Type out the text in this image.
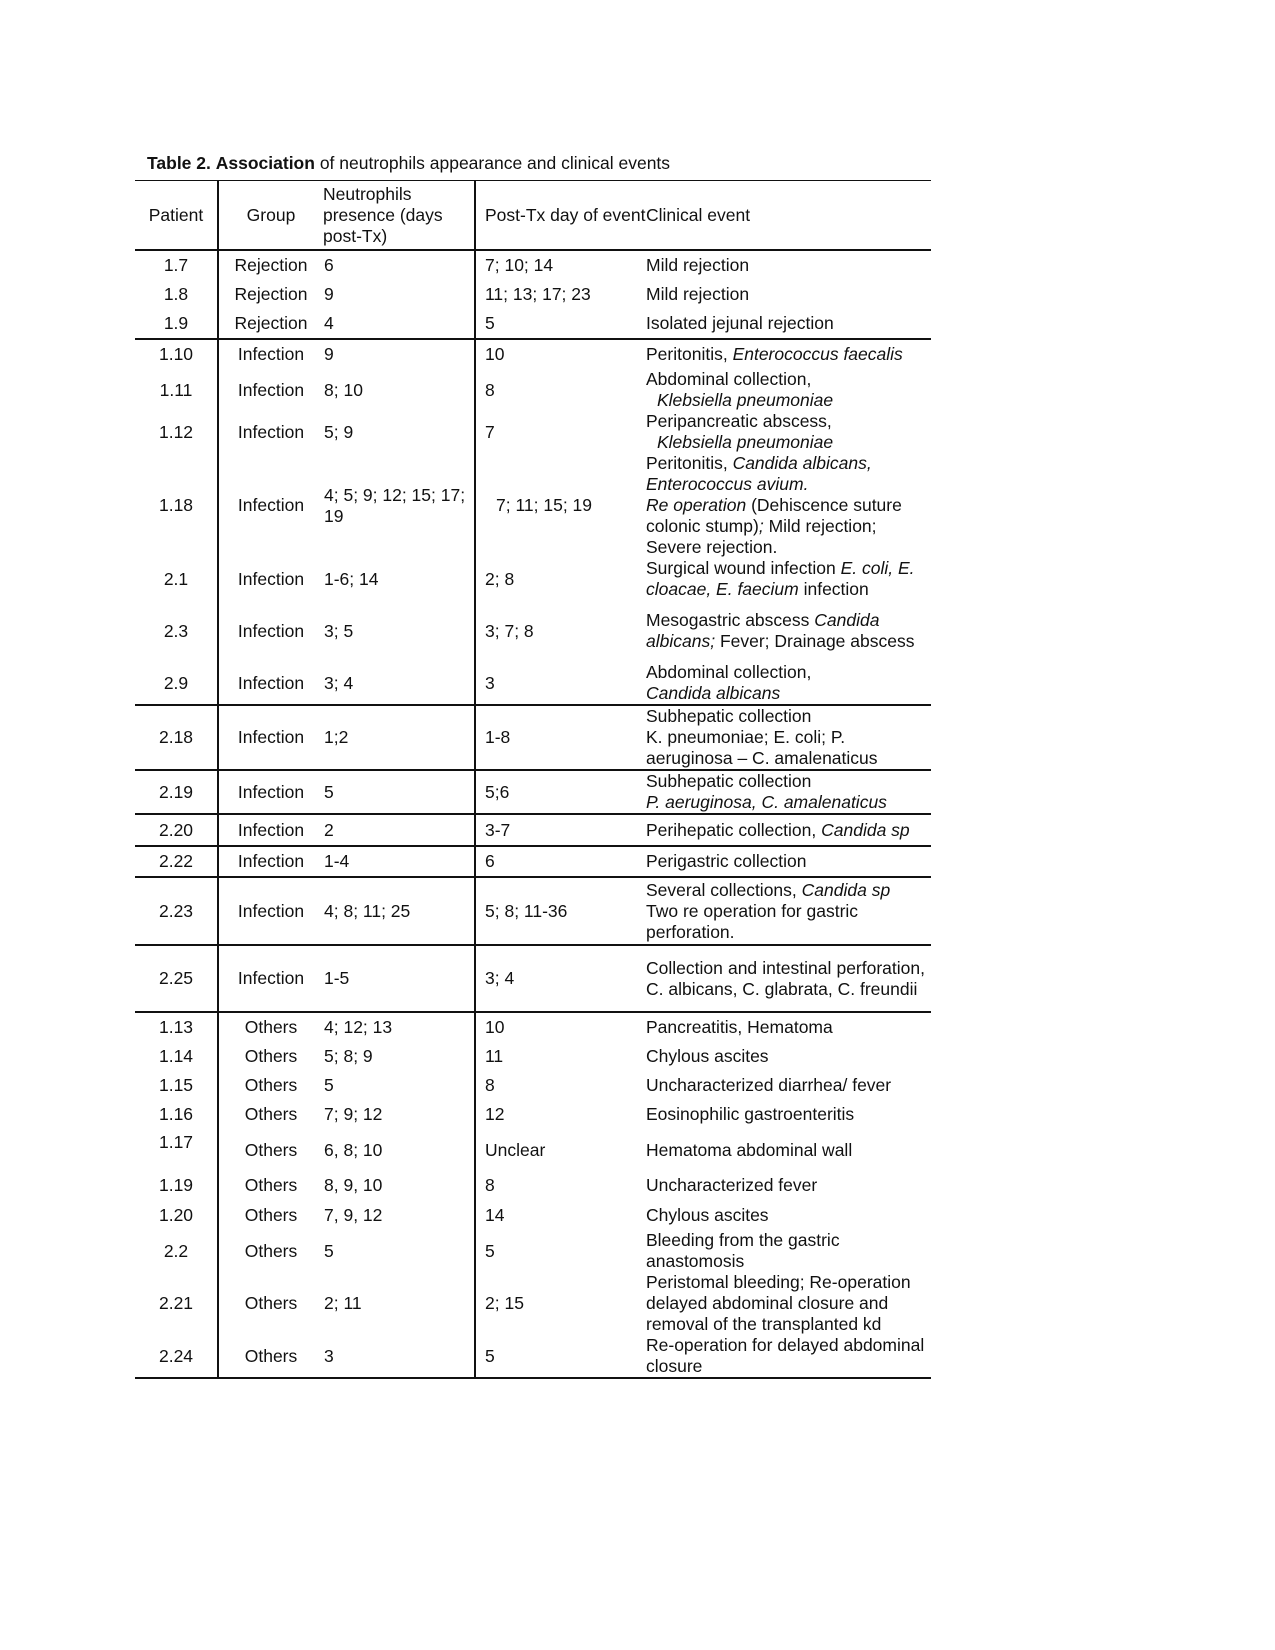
Table 2. Association of neutrophils appearance and clinical events
Patient	Group	Neutrophils presence (days post-Tx)	Post-Tx day of event	Clinical event
1.7	Rejection	6	7; 10; 14	Mild rejection
1.8	Rejection	9	11; 13; 17; 23	Mild rejection
1.9	Rejection	4	5	Isolated jejunal rejection
1.10	Infection	9	10	Peritonitis, Enterococcus faecalis
1.11	Infection	8; 10	8	Abdominal collection,
Klebsiella pneumoniae
1.12	Infection	5; 9	7	Peripancreatic abscess,
Klebsiella pneumoniae
1.18	Infection	4; 5; 9; 12; 15; 17; 19	7; 11; 15; 19	Peritonitis, Candida albicans, Enterococcus avium.
Re operation (Dehiscence suture colonic stump); Mild rejection; Severe rejection.
2.1	Infection	1-6; 14	2; 8	Surgical wound infection E. coli, E. cloacae, E. faecium infection
2.3	Infection	3; 5	3; 7; 8	Mesogastric abscess Candida albicans; Fever; Drainage abscess
2.9	Infection	3; 4	3	Abdominal collection,
Candida albicans
2.18	Infection	1;2	1-8	Subhepatic collection
K. pneumoniae; E. coli; P. aeruginosa – C. amalenaticus
2.19	Infection	5	5;6	Subhepatic collection
P. aeruginosa, C. amalenaticus
2.20	Infection	2	3-7	Perihepatic collection, Candida sp
2.22	Infection	1-4	6	Perigastric collection
2.23	Infection	4; 8; 11; 25	5; 8; 11-36	Several collections, Candida sp
Two re operation for gastric perforation.
2.25	Infection	1-5	3; 4	Collection and intestinal perforation, C. albicans, C. glabrata, C. freundii
1.13	Others	4; 12; 13	10	Pancreatitis, Hematoma
1.14	Others	5; 8; 9	11	Chylous ascites
1.15	Others	5	8	Uncharacterized diarrhea/ fever
1.16	Others	7; 9; 12	12	Eosinophilic gastroenteritis
1.17	Others	6, 8; 10	Unclear	Hematoma abdominal wall
1.19	Others	8, 9, 10	8	Uncharacterized fever
1.20	Others	7, 9, 12	14	Chylous ascites
2.2	Others	5	5	Bleeding from the gastric anastomosis
2.21	Others	2; 11	2; 15	Peristomal bleeding; Re-operation delayed abdominal closure and removal of the transplanted kd
2.24	Others	3	5	Re-operation for delayed abdominal closure
